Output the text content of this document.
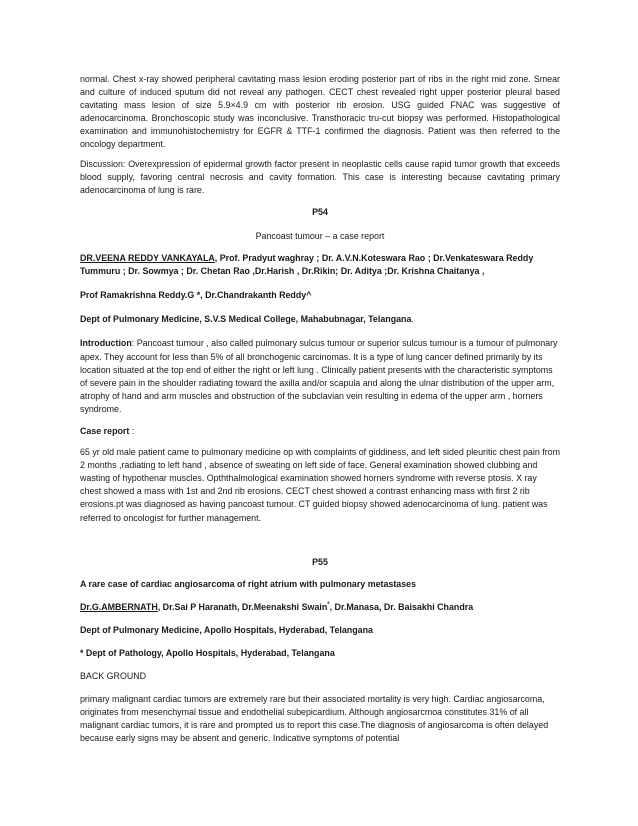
normal. Chest x-ray showed peripheral cavitating mass lesion eroding posterior part of ribs in the right mid zone. Smear and culture of induced sputum did not reveal any pathogen. CECT chest revealed right upper posterior pleural based cavitating mass lesion of size 5.9×4.9 cm with posterior rib erosion. USG guided FNAC was suggestive of adenocarcinoma. Bronchoscopic study was inconclusive. Transthoracic tru-cut biopsy was performed. Histopathological examination and immunohistochemistry for EGFR & TTF-1 confirmed the diagnosis. Patient was then referred to the oncology department.

Discussion: Overexpression of epidermal growth factor present in neoplastic cells cause rapid tumor growth that exceeds blood supply, favoring central necrosis and cavity formation. This case is interesting because cavitating primary adenocarcinoma of lung is rare.

P54

Pancoast tumour – a case report

DR.VEENA REDDY VANKAYALA, Prof. Pradyut waghray ; Dr. A.V.N.Koteswara Rao ; Dr.Venkateswara Reddy

Tummuru ; Dr. Sowmya ; Dr. Chetan Rao ,Dr.Harish , Dr.Rikin; Dr. Aditya ;Dr. Krishna Chaitanya ,

Prof Ramakrishna Reddy.G *, Dr.Chandrakanth Reddy^

Dept of Pulmonary Medicine, S.V.S Medical College, Mahabubnagar, Telangana.

Introduction: Pancoast tumour , also called pulmonary sulcus tumour or superior sulcus tumour is a tumour of pulmonary apex. They account for less than 5% of all bronchogenic carcinomas. It is a type of lung cancer defined primarily by its location situated at the top end of either the right or left lung . Clinically patient presents with the characteristic symptoms of severe pain in the shoulder radiating toward the axilla and/or scapula and along the ulnar distribution of the upper arm, atrophy of hand and arm muscles and obstruction of the subclavian vein resulting in edema of the upper arm , horners syndrome.

Case report :

65 yr old male patient came to pulmonary medicine op with complaints of giddiness, and left sided pleuritic chest pain from 2 months ,radiating to left hand , absence of sweating on left side of face. General examination showed clubbing and wasting of hypothenar muscles. Opththalmological examination showed horners syndrome with reverse ptosis. X ray chest showed a mass with 1st and 2nd rib erosions. CECT chest showed a contrast enhancing mass with first 2 rib erosions.pt was diagnosed as having pancoast tumour. CT guided biopsy showed adenocarcinoma of lung. patient was referred to oncologist for further management.

P55

A rare case of cardiac angiosarcoma of right atrium with pulmonary metastases

Dr.G.AMBERNATH, Dr.Sai P Haranath, Dr.Meenakshi Swain*, Dr.Manasa, Dr. Baisakhi Chandra

Dept of Pulmonary Medicine, Apollo Hospitals, Hyderabad, Telangana

* Dept of Pathology, Apollo Hospitals, Hyderabad, Telangana

BACK GROUND

primary malignant cardiac tumors are extremely rare but their associated mortality is very high. Cardiac angiosarcoma, originates from mesenchymal tissue and endothelial subepicardium. Although angiosarcmoa constitutes 31% of all malignant cardiac tumors, it is rare and prompted us to report this case.The diagnosis of angiosarcoma is often delayed because early signs may be absent and generic. Indicative symptoms of potential
